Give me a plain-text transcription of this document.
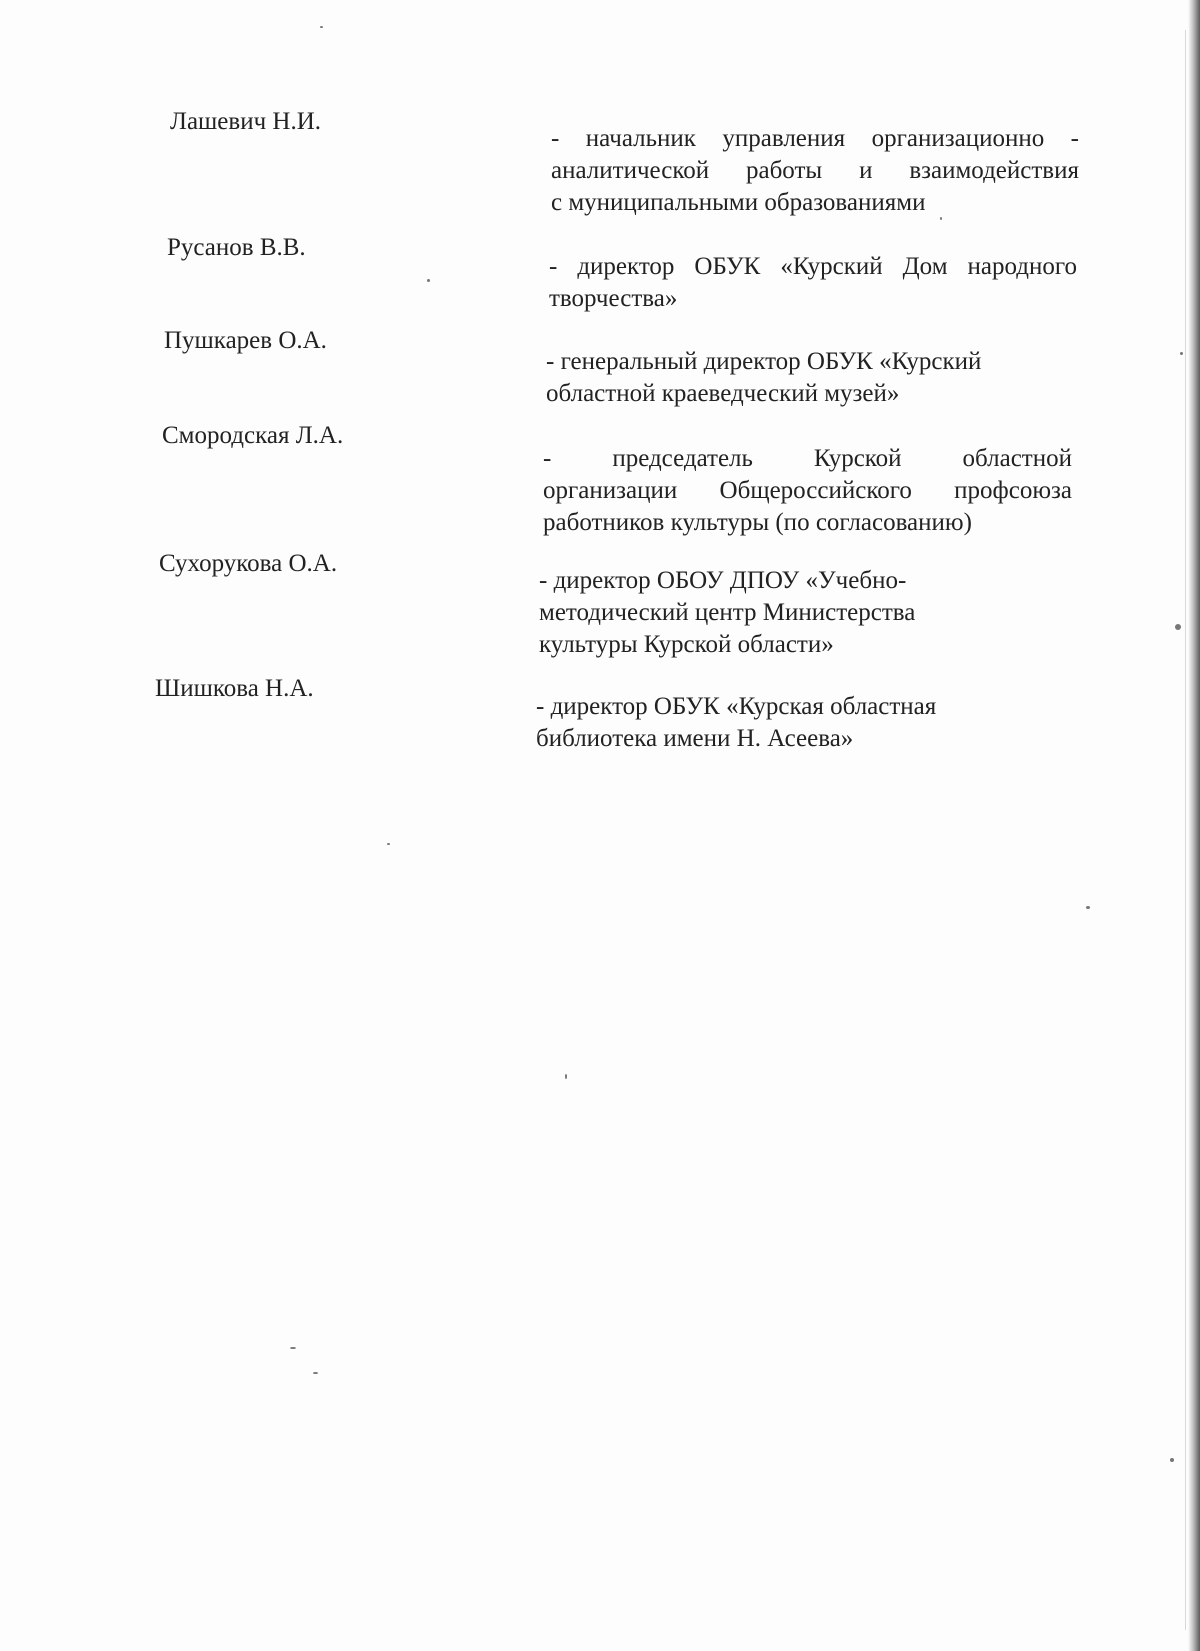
Лашевич Н.И.
- начальник управления организационно -
аналитической работы и взаимодействия
с муниципальными образованиями
Русанов В.В.
- директор ОБУК «Курский Дом народного
творчества»
Пушкарев О.А.
- генеральный директор ОБУК «Курский
областной краеведческий музей»
Смородская Л.А.
- председатель Курской областной
организации Общероссийского профсоюза
работников культуры (по согласованию)
Сухорукова О.А.
- директор ОБОУ ДПОУ «Учебно-
методический центр Министерства
культуры Курской области»
Шишкова Н.А.
- директор ОБУК «Курская областная
библиотека имени Н. Асеева»
